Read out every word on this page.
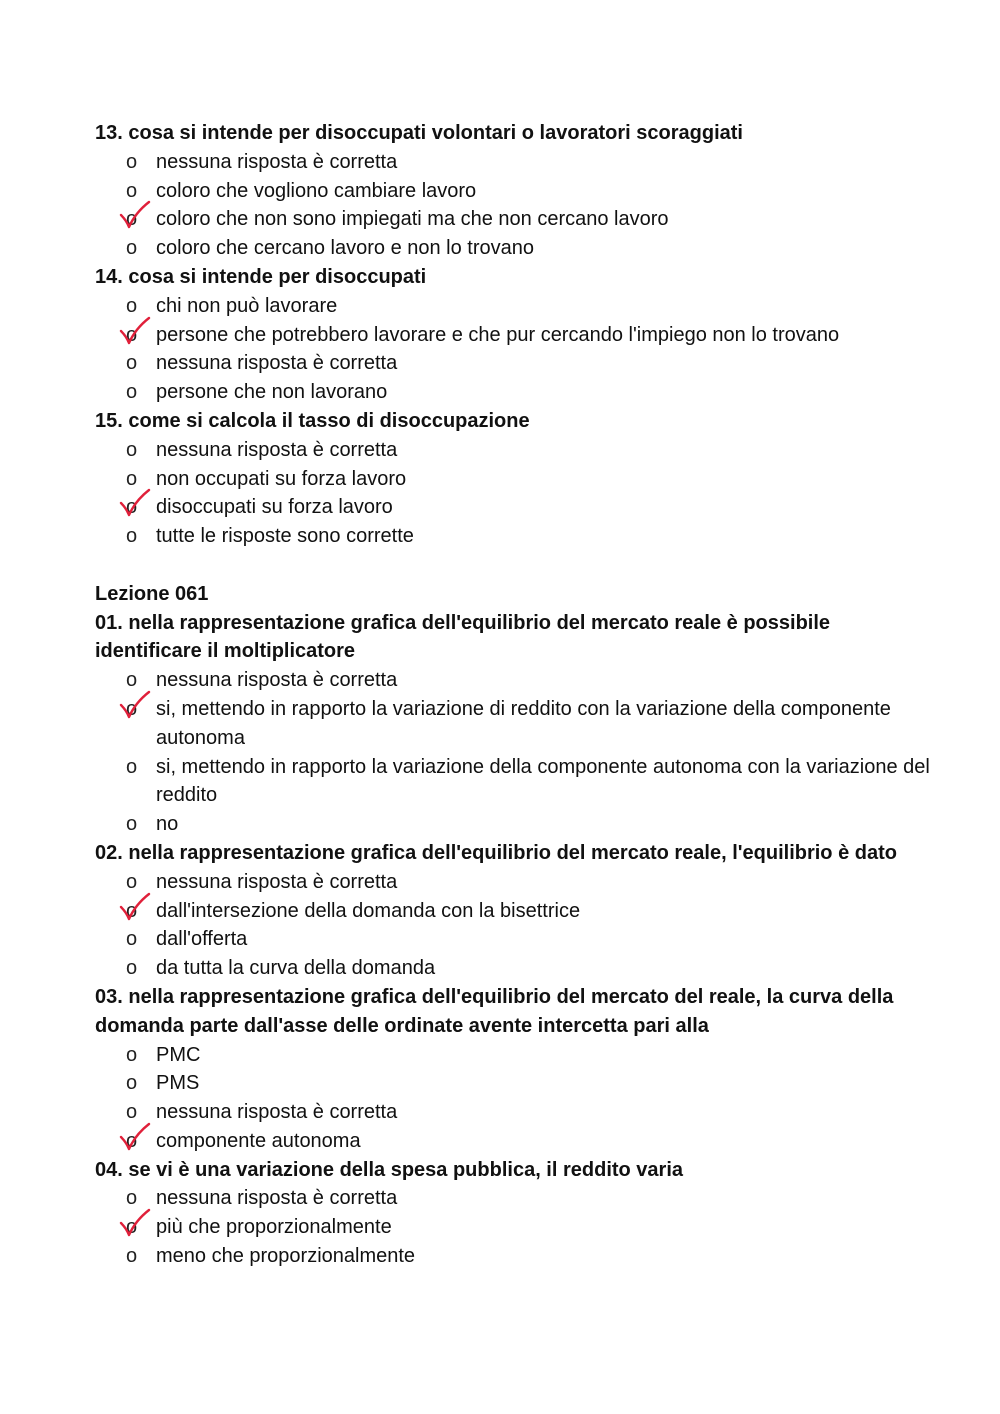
13. cosa si intende per disoccupati volontari o lavoratori scoraggiati

o nessuna risposta è corretta
o coloro che vogliono cambiare lavoro
o coloro che non sono impiegati ma che non cercano lavoro
o coloro che cercano lavoro e non lo trovano

14. cosa si intende per disoccupati

o chi non può lavorare
o persone che potrebbero lavorare e che pur cercando l'impiego non lo trovano
o nessuna risposta è corretta
o persone che non lavorano

15. come si calcola il tasso di disoccupazione

o nessuna risposta è corretta
o non occupati su forza lavoro
o disoccupati su forza lavoro
o tutte le risposte sono corrette

Lezione 061

01. nella rappresentazione grafica dell'equilibrio del mercato reale è possibile identificare il moltiplicatore

o nessuna risposta è corretta
o si, mettendo in rapporto la variazione di reddito con la variazione della componente autonoma
o si, mettendo in rapporto la variazione della componente autonoma con la variazione del reddito
o no

02. nella rappresentazione grafica dell'equilibrio del mercato reale, l'equilibrio è dato

o nessuna risposta è corretta
o dall'intersezione della domanda con la bisettrice
o dall'offerta
o da tutta la curva della domanda

03. nella rappresentazione grafica dell'equilibrio del mercato del reale, la curva della domanda parte dall'asse delle ordinate avente intercetta pari alla

o PMC
o PMS
o nessuna risposta è corretta
o componente autonoma

04. se vi è una variazione della spesa pubblica, il reddito varia

o nessuna risposta è corretta
o più che proporzionalmente
o meno che proporzionalmente
